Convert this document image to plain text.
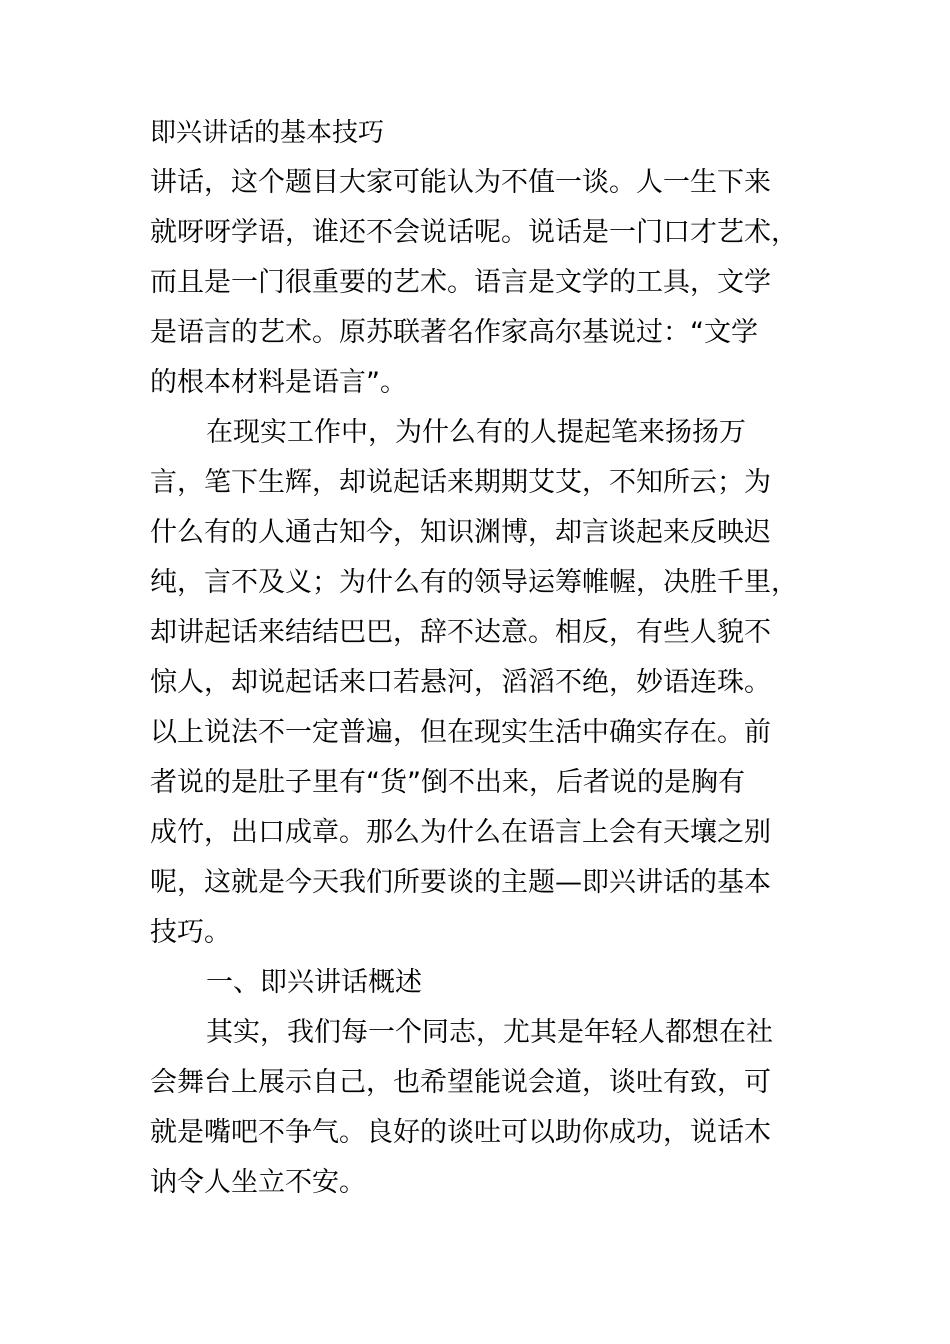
即兴讲话的基本技巧

讲话，这个题目大家可能认为不值一谈。人一生下来
就呀呀学语，谁还不会说话呢。说话是一门口才艺术，
而且是一门很重要的艺术。语言是文学的工具，文学
是语言的艺术。原苏联著名作家高尔基说过：“文学
的根本材料是语言”。

在现实工作中，为什么有的人提起笔来扬扬万
言，笔下生辉，却说起话来期期艾艾，不知所云；为
什么有的人通古知今，知识渊博，却言谈起来反映迟
纯，言不及义；为什么有的领导运筹帷幄，决胜千里，
却讲起话来结结巴巴，辞不达意。相反，有些人貌不
惊人，却说起话来口若悬河，滔滔不绝，妙语连珠。
以上说法不一定普遍，但在现实生活中确实存在。前
者说的是肚子里有“货”倒不出来，后者说的是胸有
成竹，出口成章。那么为什么在语言上会有天壤之别
呢，这就是今天我们所要谈的主题—即兴讲话的基本
技巧。

一、即兴讲话概述

其实，我们每一个同志，尤其是年轻人都想在社
会舞台上展示自己，也希望能说会道，谈吐有致，可
就是嘴吧不争气。良好的谈吐可以助你成功，说话木
讷令人坐立不安。
